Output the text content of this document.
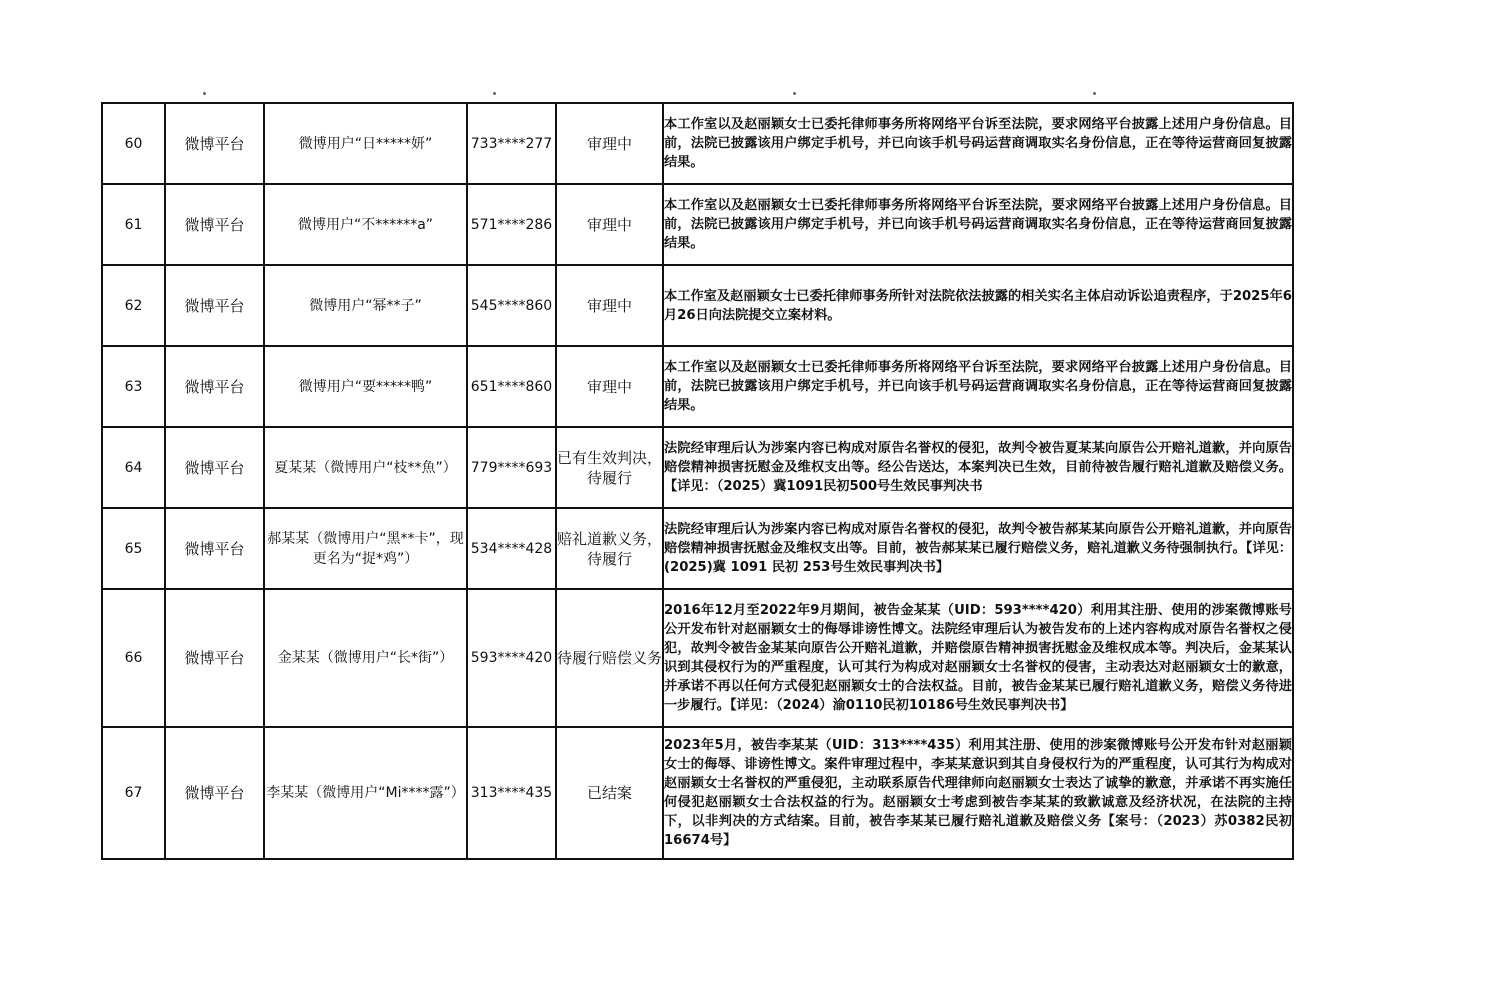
60	微博平台	微博用户“日*****妍”	733****277	审理中	本工作室以及赵丽颖女士已委托律师事务所将网络平台诉至法院，要求网络平台披露上述用户身份信息。目前，法院已披露该用户绑定手机号，并已向该手机号码运营商调取实名身份信息，正在等待运营商回复披露结果。
61	微博平台	微博用户“不******a”	571****286	审理中	本工作室以及赵丽颖女士已委托律师事务所将网络平台诉至法院，要求网络平台披露上述用户身份信息。目前，法院已披露该用户绑定手机号，并已向该手机号码运营商调取实名身份信息，正在等待运营商回复披露结果。
62	微博平台	微博用户“幂**子”	545****860	审理中	本工作室及赵丽颖女士已委托律师事务所针对法院依法披露的相关实名主体启动诉讼追责程序，于2025年6月26日向法院提交立案材料。
63	微博平台	微博用户“要*****鸭”	651****860	审理中	本工作室以及赵丽颖女士已委托律师事务所将网络平台诉至法院，要求网络平台披露上述用户身份信息。目前，法院已披露该用户绑定手机号，并已向该手机号码运营商调取实名身份信息，正在等待运营商回复披露结果。
64	微博平台	夏某某（微博用户“枝**魚”）	779****693	已有生效判决，待履行	法院经审理后认为涉案内容已构成对原告名誉权的侵犯，故判令被告夏某某向原告公开赔礼道歉，并向原告赔偿精神损害抚慰金及维权支出等。经公告送达，本案判决已生效，目前待被告履行赔礼道歉及赔偿义务。【详见：（2025）冀1091民初500号生效民事判决书
65	微博平台	郝某某（微博用户“黑**卡”，现更名为“捉*鸡”）	534****428	赔礼道歉义务，待履行	法院经审理后认为涉案内容已构成对原告名誉权的侵犯，故判令被告郝某某向原告公开赔礼道歉，并向原告赔偿精神损害抚慰金及维权支出等。目前，被告郝某某已履行赔偿义务，赔礼道歉义务待强制执行。【详见：(2025)冀 1091 民初 253号生效民事判决书】
66	微博平台	金某某（微博用户“长*街”）	593****420	待履行赔偿义务	2016年12月至2022年9月期间，被告金某某（UID：593****420）利用其注册、使用的涉案微博账号公开发布针对赵丽颖女士的侮辱诽谤性博文。法院经审理后认为被告发布的上述内容构成对原告名誉权之侵犯，故判令被告金某某向原告公开赔礼道歉，并赔偿原告精神损害抚慰金及维权成本等。判决后，金某某认识到其侵权行为的严重程度，认可其行为构成对赵丽颖女士名誉权的侵害，主动表达对赵丽颖女士的歉意，并承诺不再以任何方式侵犯赵丽颖女士的合法权益。目前，被告金某某已履行赔礼道歉义务，赔偿义务待进一步履行。【详见：（2024）渝0110民初10186号生效民事判决书】
67	微博平台	李某某（微博用户“Mi****露”）	313****435	已结案	2023年5月，被告李某某（UID：313****435）利用其注册、使用的涉案微博账号公开发布针对赵丽颖女士的侮辱、诽谤性博文。案件审理过程中，李某某意识到其自身侵权行为的严重程度，认可其行为构成对赵丽颖女士名誉权的严重侵犯，主动联系原告代理律师向赵丽颖女士表达了诚挚的歉意，并承诺不再实施任何侵犯赵丽颖女士合法权益的行为。赵丽颖女士考虑到被告李某某的致歉诚意及经济状况，在法院的主持下，以非判决的方式结案。目前，被告李某某已履行赔礼道歉及赔偿义务【案号：（2023）苏0382民初16674号】
